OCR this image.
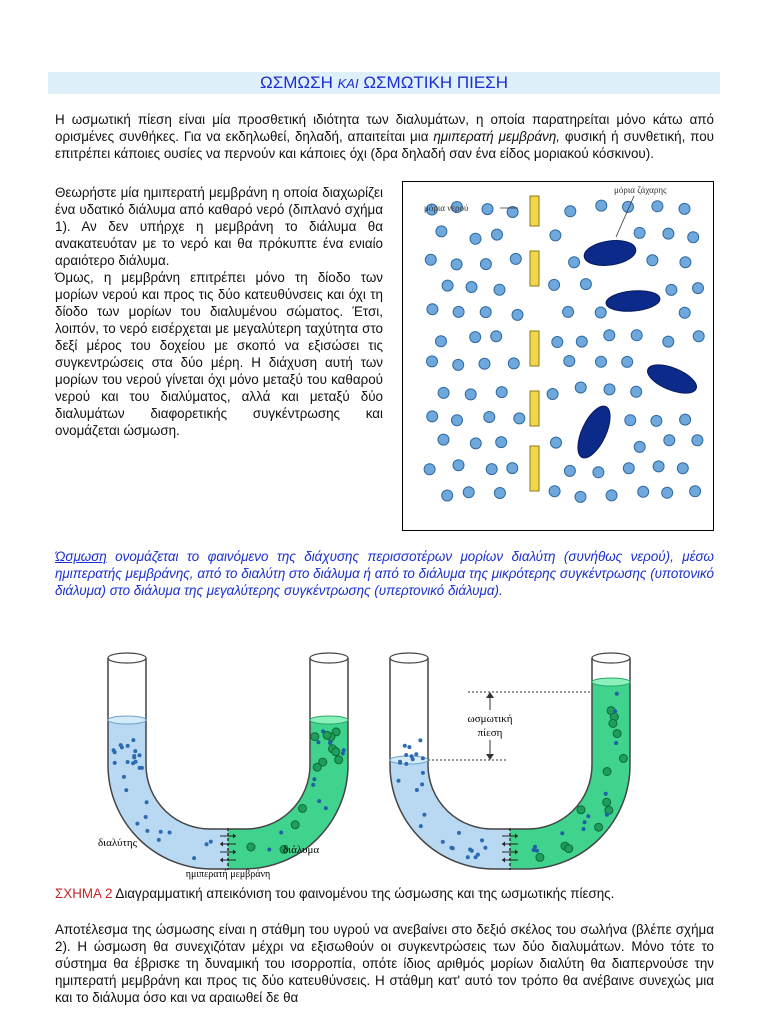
ΩΣΜΩΣΗ ΚΑΙ ΩΣΜΩΤΙΚΗ ΠΙΕΣΗ

Η ωσμωτική πίεση είναι μία προσθετική ιδιότητα των διαλυμάτων, η οποία παρατηρείται μόνο κάτω από ορισμένες συνθήκες. Για να εκδηλωθεί, δηλαδή, απαιτείται μια ημιπερατή μεμβράνη, φυσική ή συνθετική, που επιτρέπει κάποιες ουσίες να περνούν και κάποιες όχι (δρα δηλαδή σαν ένα είδος μοριακού κόσκινου).

Θεωρήστε μία ημιπερατή μεμβράνη η οποία διαχωρίζει ένα υδατικό διάλυμα από καθαρό νερό (διπλανό σχήμα 1). Αν δεν υπήρχε η μεμβράνη το διάλυμα θα ανακατευόταν με το νερό και θα πρόκυπτε ένα ενιαίο αραιότερο διάλυμα.
Όμως, η μεμβράνη επιτρέπει μόνο τη δίοδο των μορίων νερού και προς τις δύο κατευθύνσεις και όχι τη δίοδο των μορίων του διαλυμένου σώματος. Έτσι, λοιπόν, το νερό εισέρχεται με μεγαλύτερη ταχύτητα στο δεξί μέρος του δοχείου με σκοπό να εξισώσει τις συγκεντρώσεις στα δύο μέρη. Η διάχυση αυτή των μορίων του νερού γίνεται όχι μόνο μεταξύ του καθαρού νερού και του διαλύματος, αλλά και μεταξύ δύο διαλυμάτων διαφορετικής συγκέντρωσης και ονομάζεται ώσμωση.
μόρια ζάχαρης
μόρια νερού

Ώσμωση ονομάζεται το φαινόμενο της διάχυσης περισσοτέρων μορίων διαλύτη (συνήθως νερού), μέσω ημιπερατής μεμβράνης, από το διαλύτη στο διάλυμα ή από το διάλυμα της μικρότερης συγκέντρωσης (υποτονικό διάλυμα) στο διάλυμα της μεγαλύτερης συγκέντρωσης (υπερτονικό διάλυμα).

ωσμωτική
πίεση
διαλύτης
διάλυμα
ημιπερατή μεμβράνη
ΣΧΗΜΑ 2 Διαγραμματική απεικόνιση του φαινομένου της ώσμωσης και της ωσμωτικής πίεσης.

Αποτέλεσμα της ώσμωσης είναι η στάθμη του υγρού να ανεβαίνει στο δεξιό σκέλος του σωλήνα (βλέπε σχήμα 2). Η ώσμωση θα συνεχιζόταν μέχρι να εξισωθούν οι συγκεντρώσεις των δύο διαλυμάτων. Μόνο τότε το σύστημα θα έβρισκε τη δυναμική του ισορροπία, οπότε ίδιος αριθμός μορίων διαλύτη θα διαπερνούσε την ημιπερατή μεμβράνη και προς τις δύο κατευθύνσεις. Η στάθμη κατ' αυτό τον τρόπο θα ανέβαινε συνεχώς μια και το διάλυμα όσο και να αραιωθεί δε θα
